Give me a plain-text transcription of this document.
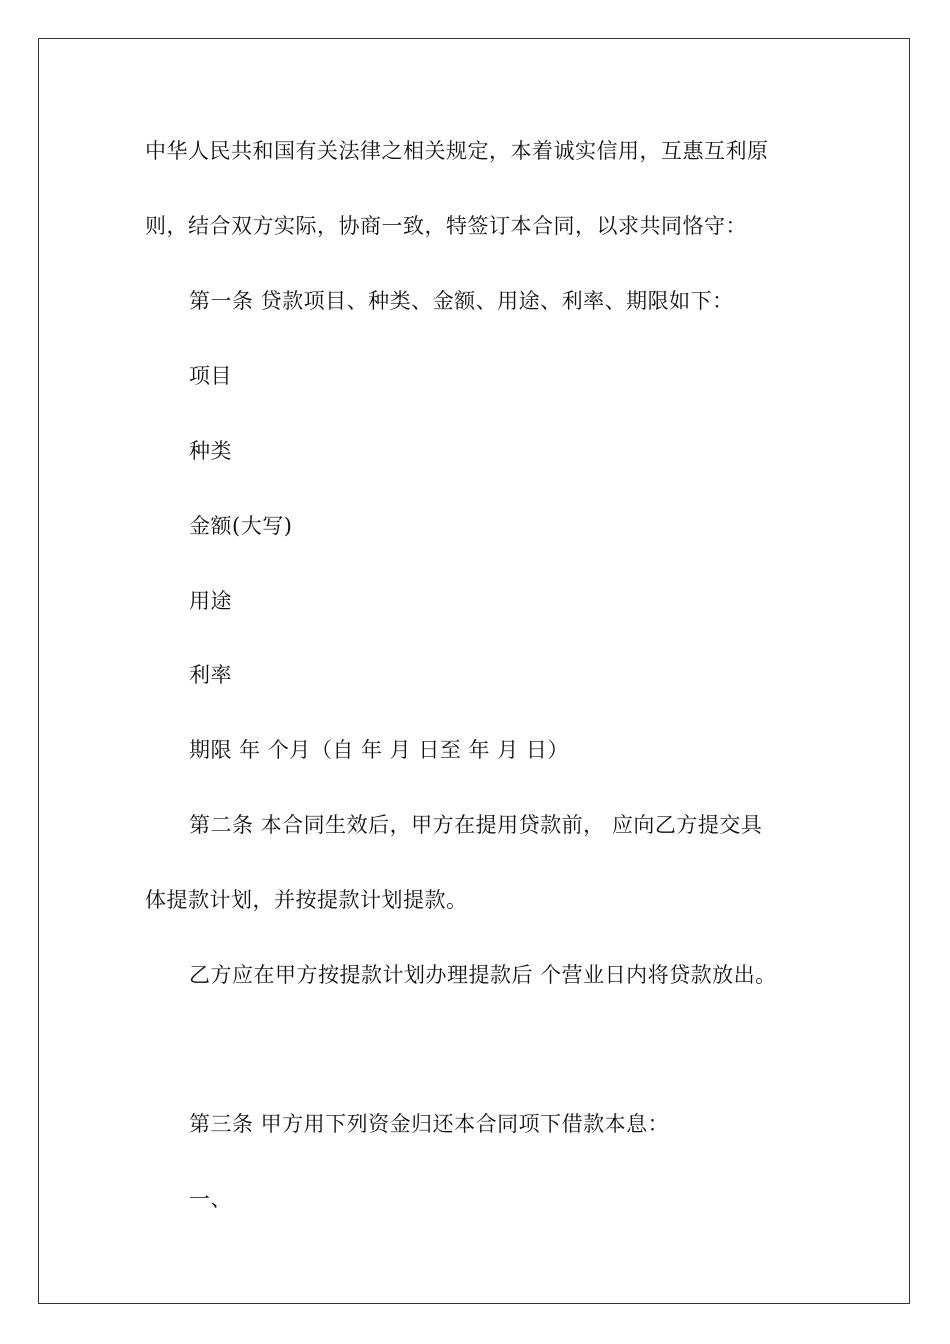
中华人民共和国有关法律之相关规定，本着诚实信用，互惠互利原
则，结合双方实际，协商一致，特签订本合同，以求共同恪守：
第一条 贷款项目、种类、金额、用途、利率、期限如下：
项目
种类
金额(大写)
用途
利率
期限 年 个月（自 年 月 日至 年 月 日）
第二条 本合同生效后，甲方在提用贷款前， 应向乙方提交具
体提款计划，并按提款计划提款。
乙方应在甲方按提款计划办理提款后 个营业日内将贷款放出。
第三条 甲方用下列资金归还本合同项下借款本息：
一、
